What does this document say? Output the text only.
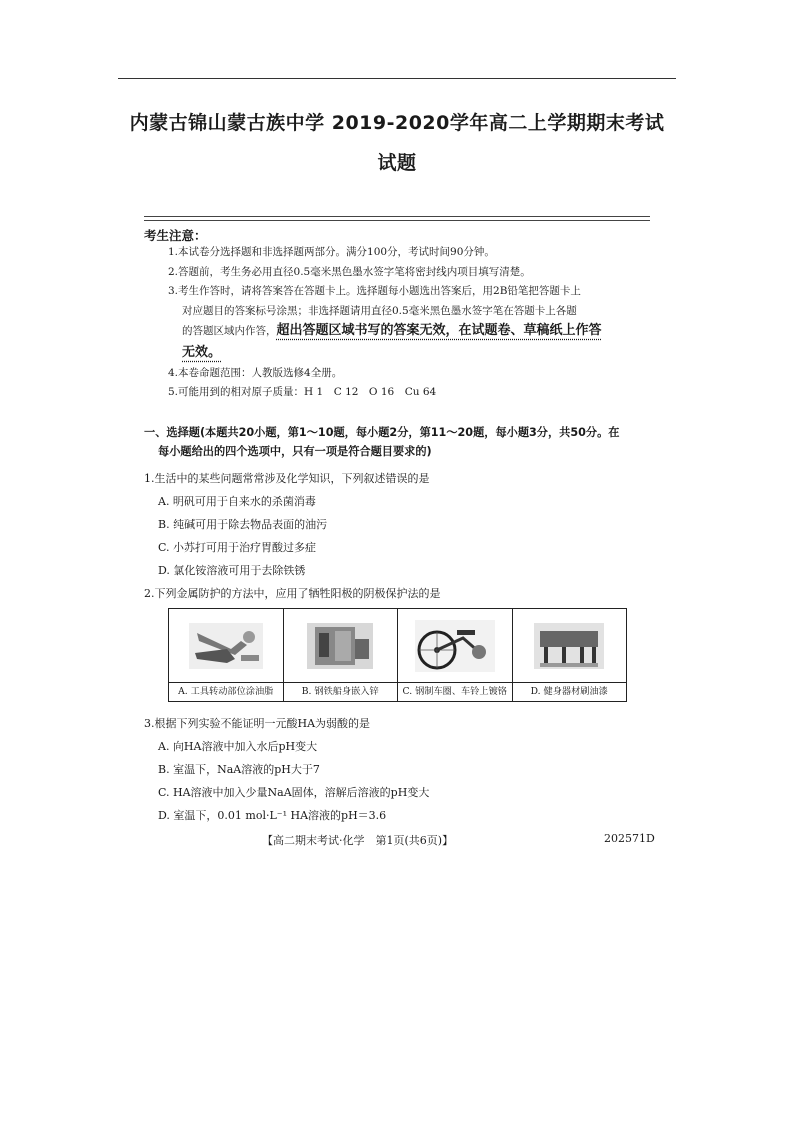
内蒙古锦山蒙古族中学 2019-2020学年高二上学期期末考试
试题
考生注意：
1.本试卷分选择题和非选择题两部分。满分100分，考试时间90分钟。
2.答题前，考生务必用直径0.5毫米黑色墨水签字笔将密封线内项目填写清楚。
3.考生作答时，请将答案答在答题卡上。选择题每小题选出答案后，用2B铅笔把答题卡上
对应题目的答案标号涂黑；非选择题请用直径0.5毫米黑色墨水签字笔在答题卡上各题
的答题区域内作答，超出答题区域书写的答案无效，在试题卷、草稿纸上作答
无效。
4.本卷命题范围：人教版选修4全册。
5.可能用到的相对原子质量：H 1　C 12　O 16　Cu 64
一、选择题(本题共20小题，第1～10题，每小题2分，第11～20题，每小题3分，共50分。在
每小题给出的四个选项中，只有一项是符合题目要求的)
1.生活中的某些问题常常涉及化学知识，下列叙述错误的是
A. 明矾可用于自来水的杀菌消毒
B. 纯碱可用于除去物品表面的油污
C. 小苏打可用于治疗胃酸过多症
D. 氯化铵溶液可用于去除铁锈
2.下列金属防护的方法中，应用了牺牲阳极的阴极保护法的是
A. 工具转动部位涂油脂	B. 钢铁船身嵌入锌	C. 钢制车圈、车铃上镀铬	D. 健身器材刷油漆
3.根据下列实验不能证明一元酸HA为弱酸的是
A. 向HA溶液中加入水后pH变大
B. 室温下，NaA溶液的pH大于7
C. HA溶液中加入少量NaA固体，溶解后溶液的pH变大
D. 室温下，0.01 mol·L⁻¹ HA溶液的pH＝3.6
【高二期末考试·化学　第1页(共6页)】	202571D
